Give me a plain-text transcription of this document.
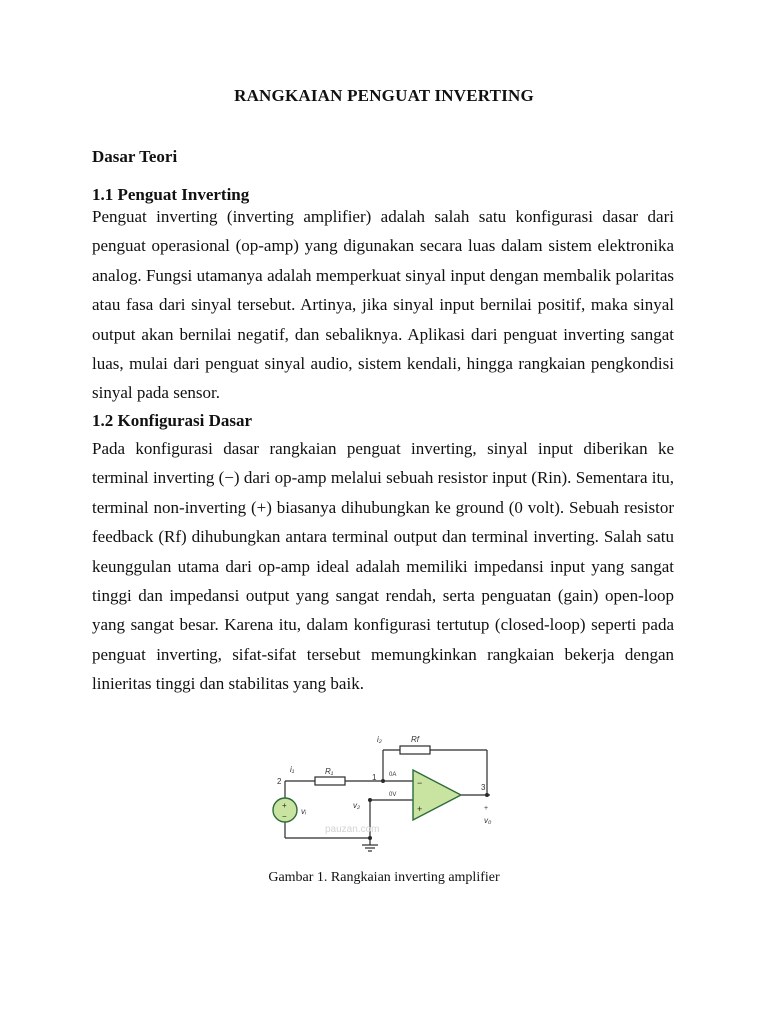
RANGKAIAN PENGUAT INVERTING
Dasar Teori
1.1 Penguat Inverting

Penguat inverting (inverting amplifier) adalah salah satu konfigurasi dasar dari penguat operasional (op-amp) yang digunakan secara luas dalam sistem elektronika analog. Fungsi utamanya adalah memperkuat sinyal input dengan membalik polaritas atau fasa dari sinyal tersebut. Artinya, jika sinyal input bernilai positif, maka sinyal output akan bernilai negatif, dan sebaliknya. Aplikasi dari penguat inverting sangat luas, mulai dari penguat sinyal audio, sistem kendali, hingga rangkaian pengkondisi sinyal pada sensor.

1.2 Konfigurasi Dasar

Pada konfigurasi dasar rangkaian penguat inverting, sinyal input diberikan ke terminal inverting (−) dari op-amp melalui sebuah resistor input (Rin). Sementara itu, terminal non-inverting (+) biasanya dihubungkan ke ground (0 volt). Sebuah resistor feedback (Rf) dihubungkan antara terminal output dan terminal inverting. Salah satu keunggulan utama dari op-amp ideal adalah memiliki impedansi input yang sangat tinggi dan impedansi output yang sangat rendah, serta penguatan (gain) open-loop yang sangat besar. Karena itu, dalam konfigurasi tertutup (closed-loop) seperti pada penguat inverting, sifat-sifat tersebut memungkinkan rangkaian bekerja dengan linieritas tinggi dan stabilitas yang baik.

−
+
+
−
i₂	Rf
i₁	R₁
2	1 0A
0V
v₂
3
vᵢ	+
v₀
pauzan.com
Gambar 1. Rangkaian inverting amplifier
